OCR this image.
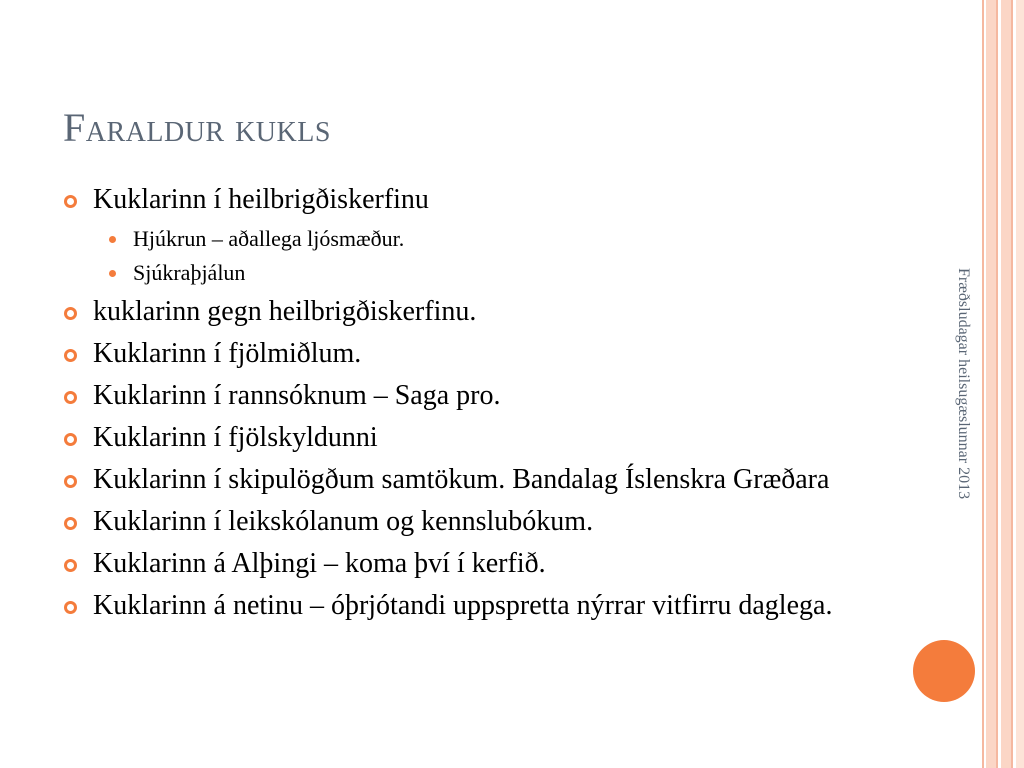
Faraldur kukls
Kuklarinn í heilbrigðiskerfinu
Hjúkrun – aðallega ljósmæður.
Sjúkraþjálun
kuklarinn gegn heilbrigðiskerfinu.
Kuklarinn í fjölmiðlum.
Kuklarinn í rannsóknum – Saga pro.
Kuklarinn í fjölskyldunni
Kuklarinn í skipulögðum samtökum. Bandalag Íslenskra Græðara
Kuklarinn í leikskólanum og kennslubókum.
Kuklarinn á Alþingi – koma því í kerfið.
Kuklarinn á netinu – óþrjótandi uppspretta nýrrar vitfirru daglega.
Fræðsludagar heilsugæslunnar 2013
